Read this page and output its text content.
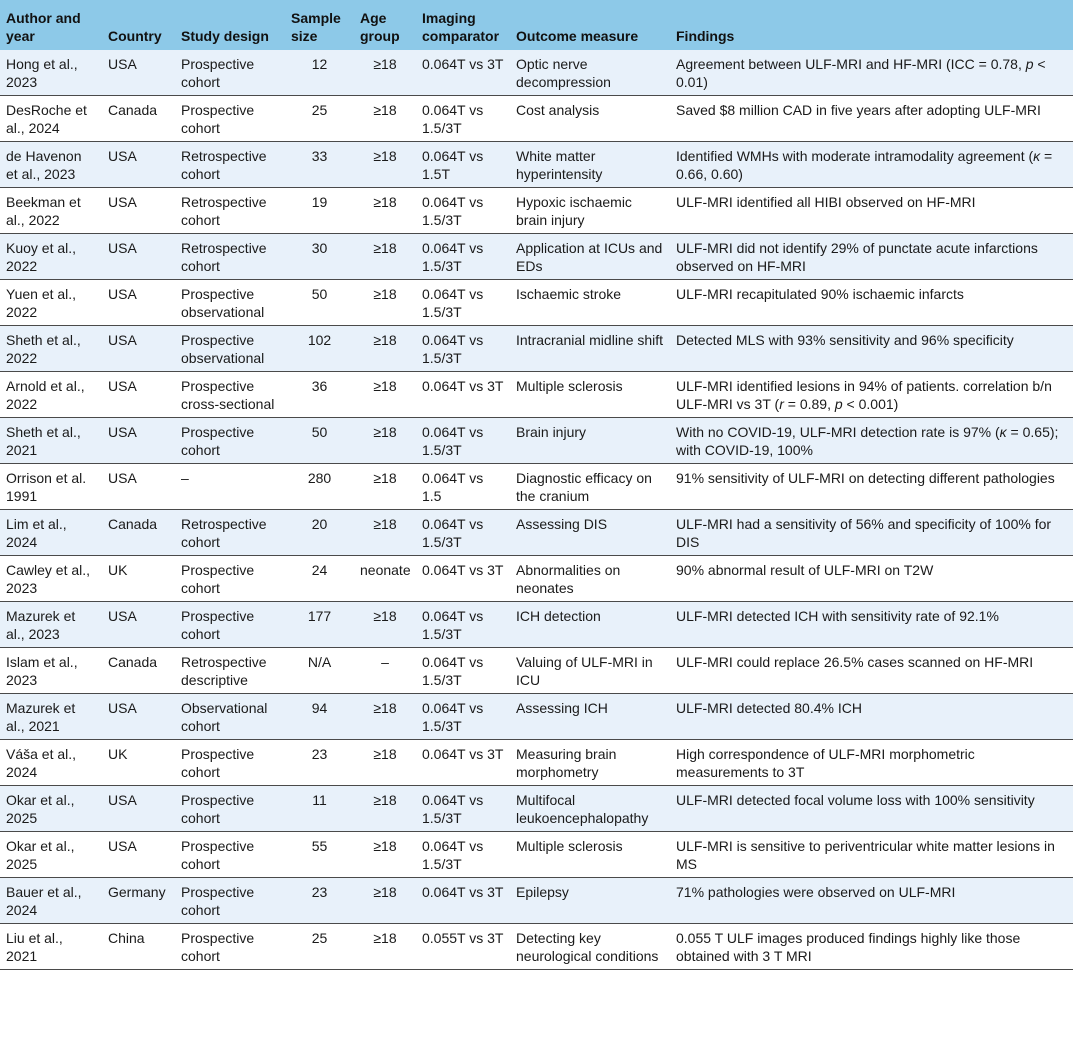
Author and year	Country	Study design	Sample size	Age group	Imaging comparator	Outcome measure	Findings
Hong et al., 2023	USA	Prospective cohort	12	≥18	0.064T vs 3T	Optic nerve decompression	Agreement between ULF-MRI and HF-MRI (ICC = 0.78, p < 0.01)
DesRoche et al., 2024	Canada	Prospective cohort	25	≥18	0.064T vs 1.5/3T	Cost analysis	Saved $8 million CAD in five years after adopting ULF-MRI
de Havenon et al., 2023	USA	Retrospective cohort	33	≥18	0.064T vs 1.5T	White matter hyperintensity	Identified WMHs with moderate intramodality agreement (κ = 0.66, 0.60)
Beekman et al., 2022	USA	Retrospective cohort	19	≥18	0.064T vs 1.5/3T	Hypoxic ischaemic brain injury	ULF-MRI identified all HIBI observed on HF-MRI
Kuoy et al., 2022	USA	Retrospective cohort	30	≥18	0.064T vs 1.5/3T	Application at ICUs and EDs	ULF-MRI did not identify 29% of punctate acute infarctions observed on HF-MRI
Yuen et al., 2022	USA	Prospective observational	50	≥18	0.064T vs 1.5/3T	Ischaemic stroke	ULF-MRI recapitulated 90% ischaemic infarcts
Sheth et al., 2022	USA	Prospective observational	102	≥18	0.064T vs 1.5/3T	Intracranial midline shift	Detected MLS with 93% sensitivity and 96% specificity
Arnold et al., 2022	USA	Prospective cross-sectional	36	≥18	0.064T vs 3T	Multiple sclerosis	ULF-MRI identified lesions in 94% of patients. correlation b/n ULF-MRI vs 3T (r = 0.89, p < 0.001)
Sheth et al., 2021	USA	Prospective cohort	50	≥18	0.064T vs 1.5/3T	Brain injury	With no COVID-19, ULF-MRI detection rate is 97% (κ = 0.65); with COVID-19, 100%
Orrison et al. 1991	USA	–	280	≥18	0.064T vs 1.5	Diagnostic efficacy on the cranium	91% sensitivity of ULF-MRI on detecting different pathologies
Lim et al., 2024	Canada	Retrospective cohort	20	≥18	0.064T vs 1.5/3T	Assessing DIS	ULF-MRI had a sensitivity of 56% and specificity of 100% for DIS
Cawley et al., 2023	UK	Prospective cohort	24	neonate	0.064T vs 3T	Abnormalities on neonates	90% abnormal result of ULF-MRI on T2W
Mazurek et al., 2023	USA	Prospective cohort	177	≥18	0.064T vs 1.5/3T	ICH detection	ULF-MRI detected ICH with sensitivity rate of 92.1%
Islam et al., 2023	Canada	Retrospective descriptive	N/A	–	0.064T vs 1.5/3T	Valuing of ULF-MRI in ICU	ULF-MRI could replace 26.5% cases scanned on HF-MRI
Mazurek et al., 2021	USA	Observational cohort	94	≥18	0.064T vs 1.5/3T	Assessing ICH	ULF-MRI detected 80.4% ICH
Váša et al., 2024	UK	Prospective cohort	23	≥18	0.064T vs 3T	Measuring brain morphometry	High correspondence of ULF-MRI morphometric measurements to 3T
Okar et al., 2025	USA	Prospective cohort	11	≥18	0.064T vs 1.5/3T	Multifocal leukoencephalopathy	ULF-MRI detected focal volume loss with 100% sensitivity
Okar et al., 2025	USA	Prospective cohort	55	≥18	0.064T vs 1.5/3T	Multiple sclerosis	ULF-MRI is sensitive to periventricular white matter lesions in MS
Bauer et al., 2024	Germany	Prospective cohort	23	≥18	0.064T vs 3T	Epilepsy	71% pathologies were observed on ULF-MRI
Liu et al., 2021	China	Prospective cohort	25	≥18	0.055T vs 3T	Detecting key neurological conditions	0.055 T ULF images produced findings highly like those obtained with 3 T MRI
